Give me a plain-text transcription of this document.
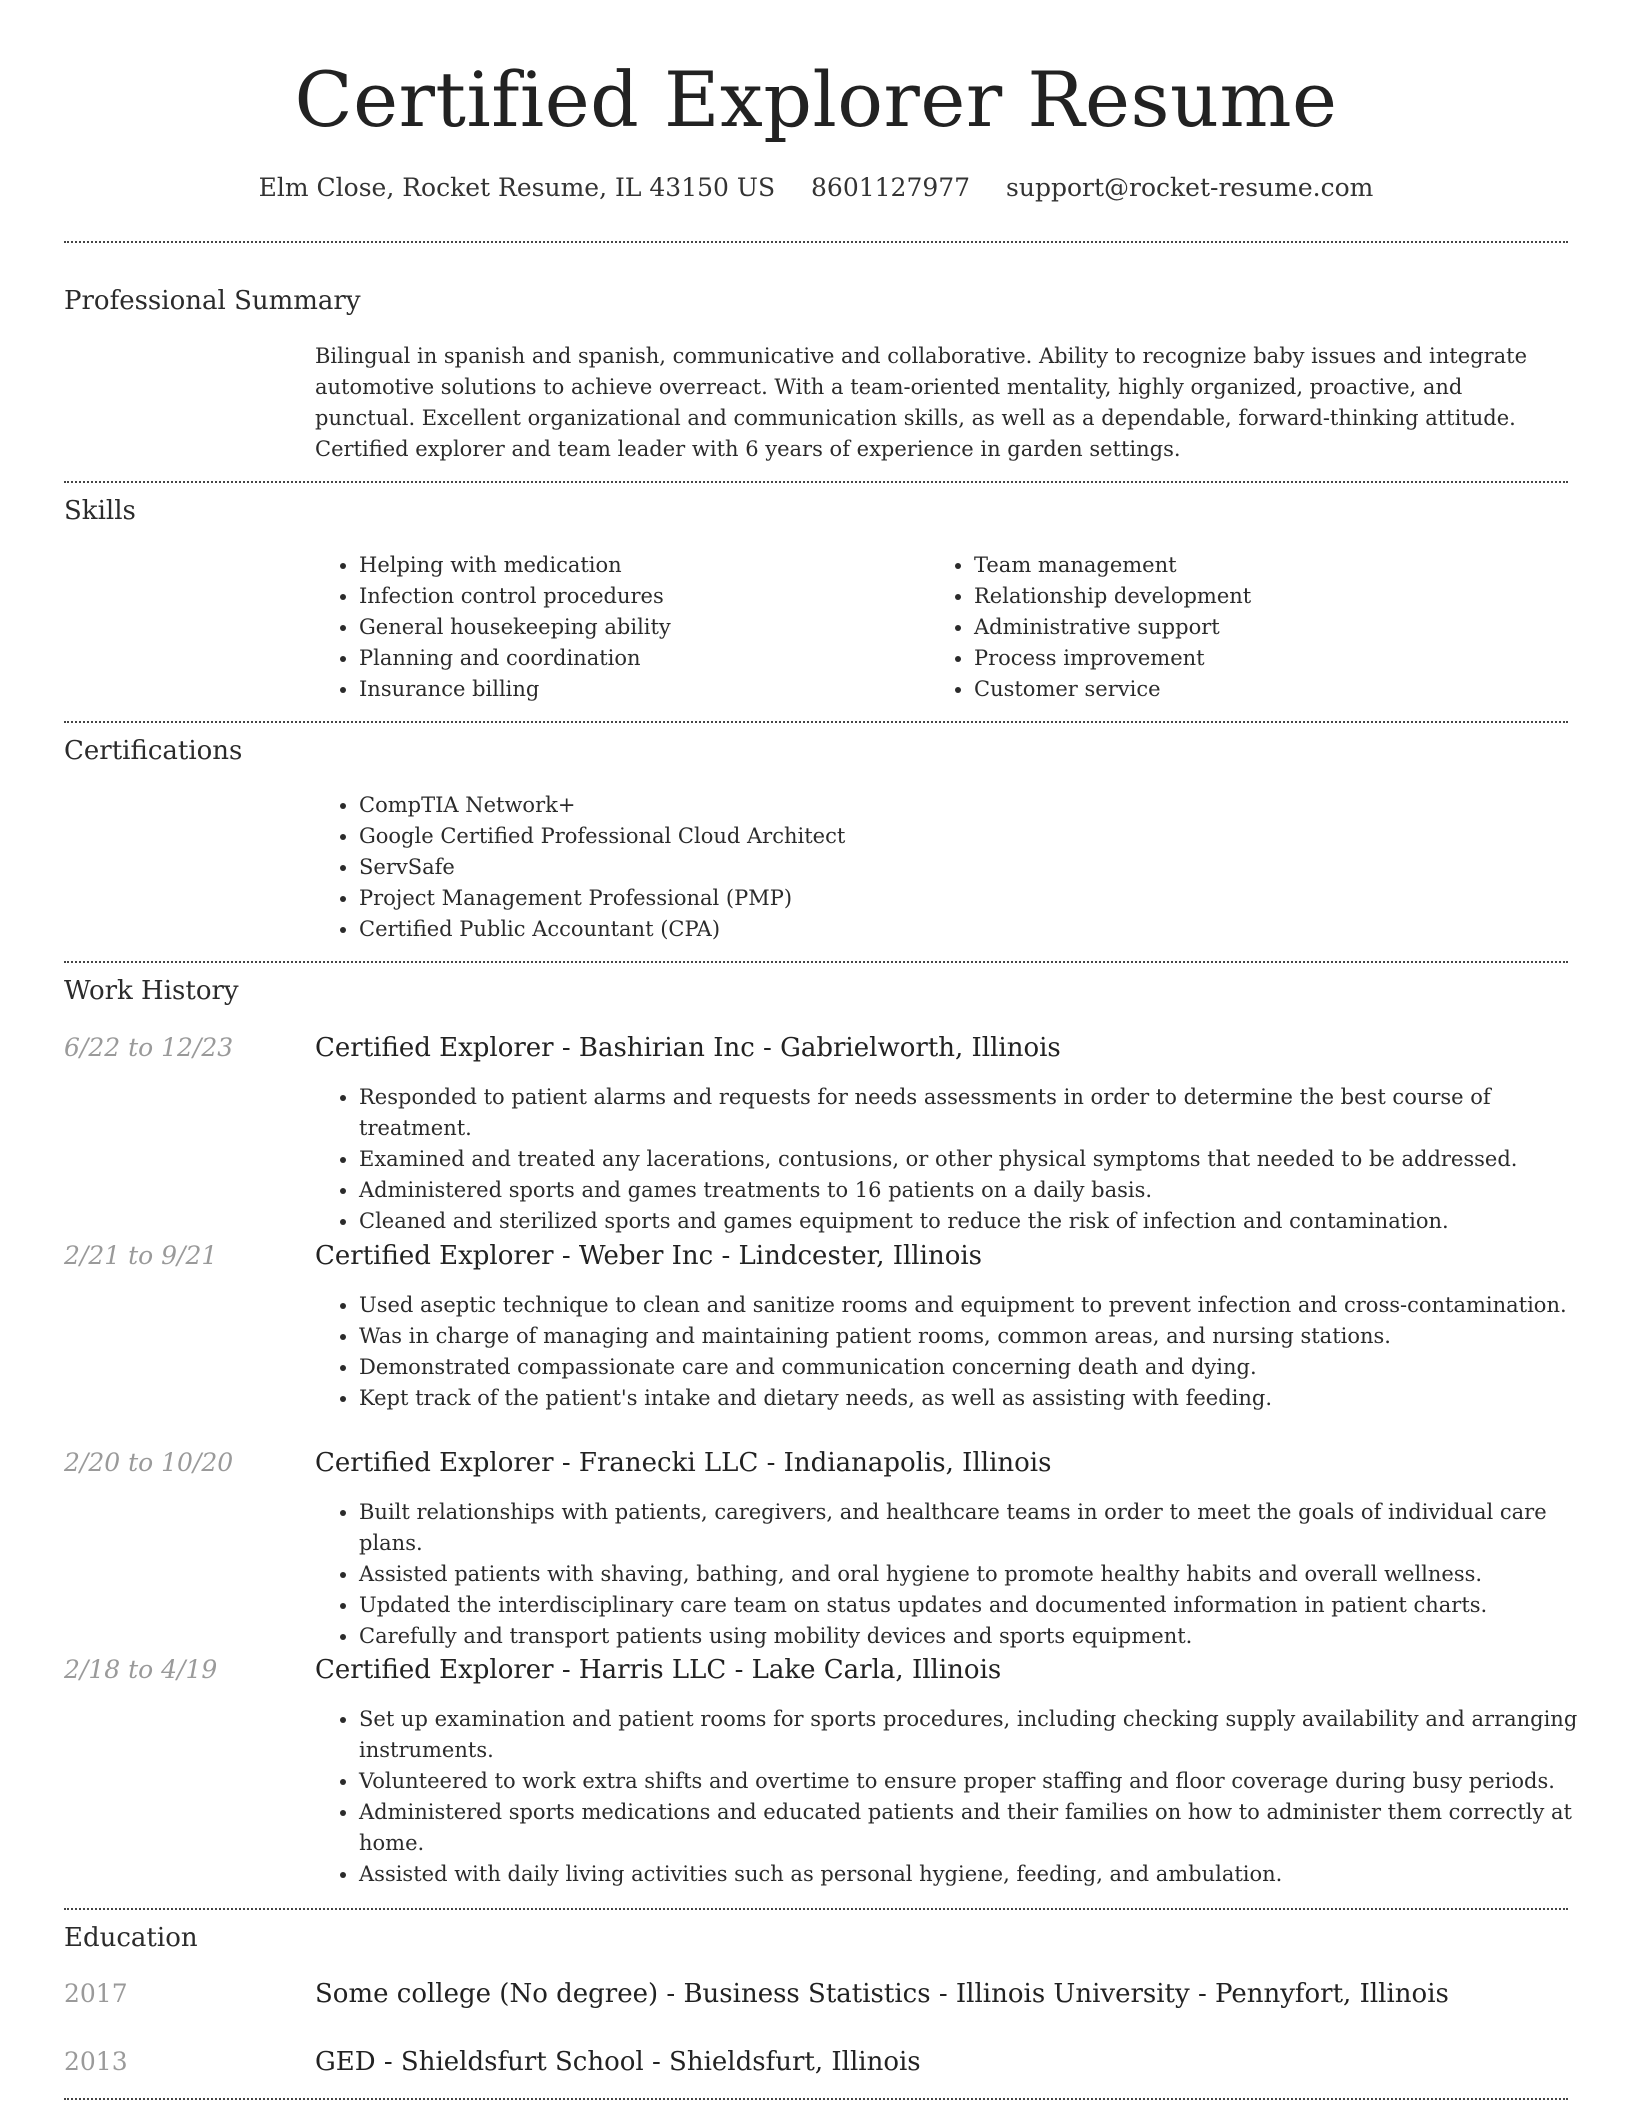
Certified Explorer Resume
Elm Close, Rocket Resume, IL 43150 US 8601127977 support@rocket-resume.com
Professional Summary
Bilingual in spanish and spanish, communicative and collaborative. Ability to recognize baby issues and integrate automotive solutions to achieve overreact. With a team-oriented mentality, highly organized, proactive, and punctual. Excellent organizational and communication skills, as well as a dependable, forward-thinking attitude. Certified explorer and team leader with 6 years of experience in garden settings.
Skills
• Helping with medication
• Infection control procedures
• General housekeeping ability
• Planning and coordination
• Insurance billing
• Team management
• Relationship development
• Administrative support
• Process improvement
• Customer service
Certifications
• CompTIA Network+
• Google Certified Professional Cloud Architect
• ServSafe
• Project Management Professional (PMP)
• Certified Public Accountant (CPA)
Work History
6/22 to 12/23	Certified Explorer - Bashirian Inc - Gabrielworth, Illinois
• Responded to patient alarms and requests for needs assessments in order to determine the best course of treatment.
• Examined and treated any lacerations, contusions, or other physical symptoms that needed to be addressed.
• Administered sports and games treatments to 16 patients on a daily basis.
• Cleaned and sterilized sports and games equipment to reduce the risk of infection and contamination.
2/21 to 9/21	Certified Explorer - Weber Inc - Lindcester, Illinois
• Used aseptic technique to clean and sanitize rooms and equipment to prevent infection and cross-contamination.
• Was in charge of managing and maintaining patient rooms, common areas, and nursing stations.
• Demonstrated compassionate care and communication concerning death and dying.
• Kept track of the patient's intake and dietary needs, as well as assisting with feeding.
2/20 to 10/20	Certified Explorer - Franecki LLC - Indianapolis, Illinois
• Built relationships with patients, caregivers, and healthcare teams in order to meet the goals of individual care plans.
• Assisted patients with shaving, bathing, and oral hygiene to promote healthy habits and overall wellness.
• Updated the interdisciplinary care team on status updates and documented information in patient charts.
• Carefully and transport patients using mobility devices and sports equipment.
2/18 to 4/19	Certified Explorer - Harris LLC - Lake Carla, Illinois
• Set up examination and patient rooms for sports procedures, including checking supply availability and arranging instruments.
• Volunteered to work extra shifts and overtime to ensure proper staffing and floor coverage during busy periods.
• Administered sports medications and educated patients and their families on how to administer them correctly at home.
• Assisted with daily living activities such as personal hygiene, feeding, and ambulation.
Education
2017	Some college (No degree) - Business Statistics - Illinois University - Pennyfort, Illinois
2013	GED - Shieldsfurt School - Shieldsfurt, Illinois
